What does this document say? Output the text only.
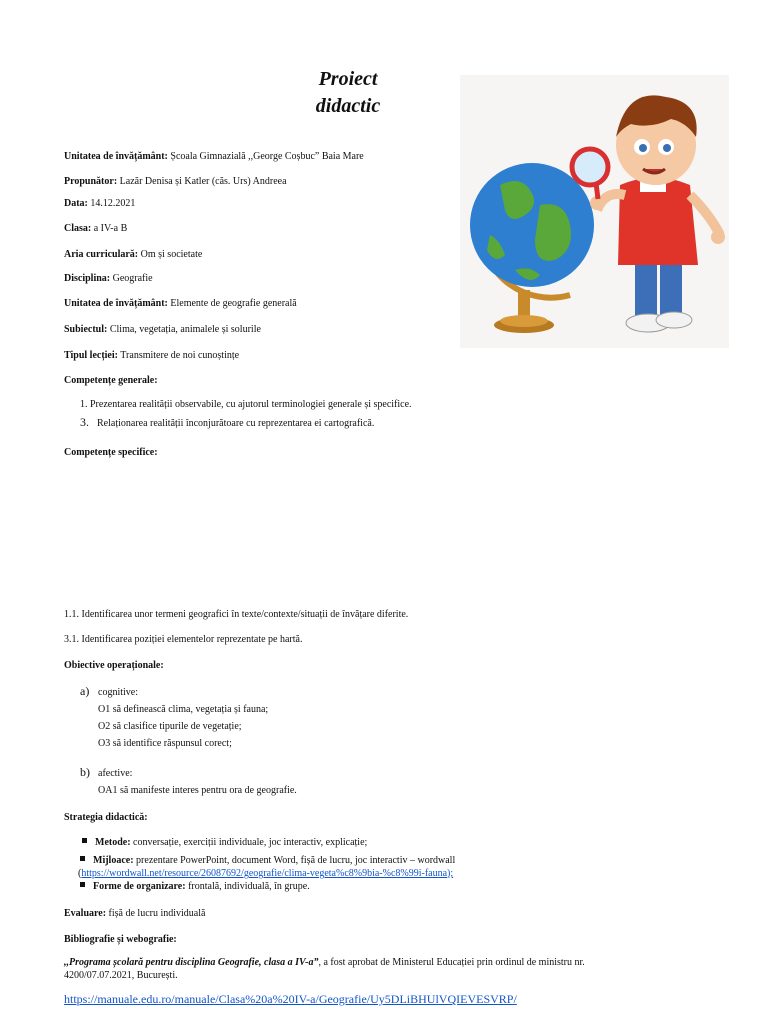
Proiect
didactic
Unitatea de învățământ: Școala Gimnazială ,,George Coșbuc” Baia Mare
Propunător: Lazăr Denisa și Katler (căs. Urs) Andreea
Data: 14.12.2021
Clasa: a IV-a B
Aria curriculară: Om și societate
Disciplina: Geografie
Unitatea de învățământ: Elemente de geografie generală
Subiectul: Clima, vegetația, animalele și solurile
Tipul lecției: Transmitere de noi cunoștințe
Competențe generale:
1. Prezentarea realității observabile, cu ajutorul terminologiei generale și specifice.
3. Relaționarea realității înconjurătoare cu reprezentarea ei cartografică.
Competențe specifice:
1.1. Identificarea unor termeni geografici în texte/contexte/situații de învățare diferite.
3.1. Identificarea poziției elementelor reprezentate pe hartă.
Obiective operaționale:
a) cognitive:
O1 să definească clima, vegetația și fauna;
O2 să clasifice tipurile de vegetație;
O3 să identifice răspunsul corect;
b) afective:
OA1 să manifeste interes pentru ora de geografie.
Strategia didactică:
Metode: conversație, exerciții individuale, joc interactiv, explicație;
Mijloace: prezentare PowerPoint, document Word, fișă de lucru, joc interactiv – wordwall
(https://wordwall.net/resource/26087692/geografie/clima-vegeta%c8%9bia-%c8%99i-fauna);
Forme de organizare: frontală, individuală, în grupe.
Evaluare: fișă de lucru individuală
Bibliografie și webografie:
,,Programa școlară pentru disciplina Geografie, clasa a IV-a”, a fost aprobat de Ministerul Educației prin ordinul de ministru nr.
4200/07.07.2021, București.
https://manuale.edu.ro/manuale/Clasa%20a%20IV-a/Geografie/Uy5DLiBHUlVQIEVESVRP/
